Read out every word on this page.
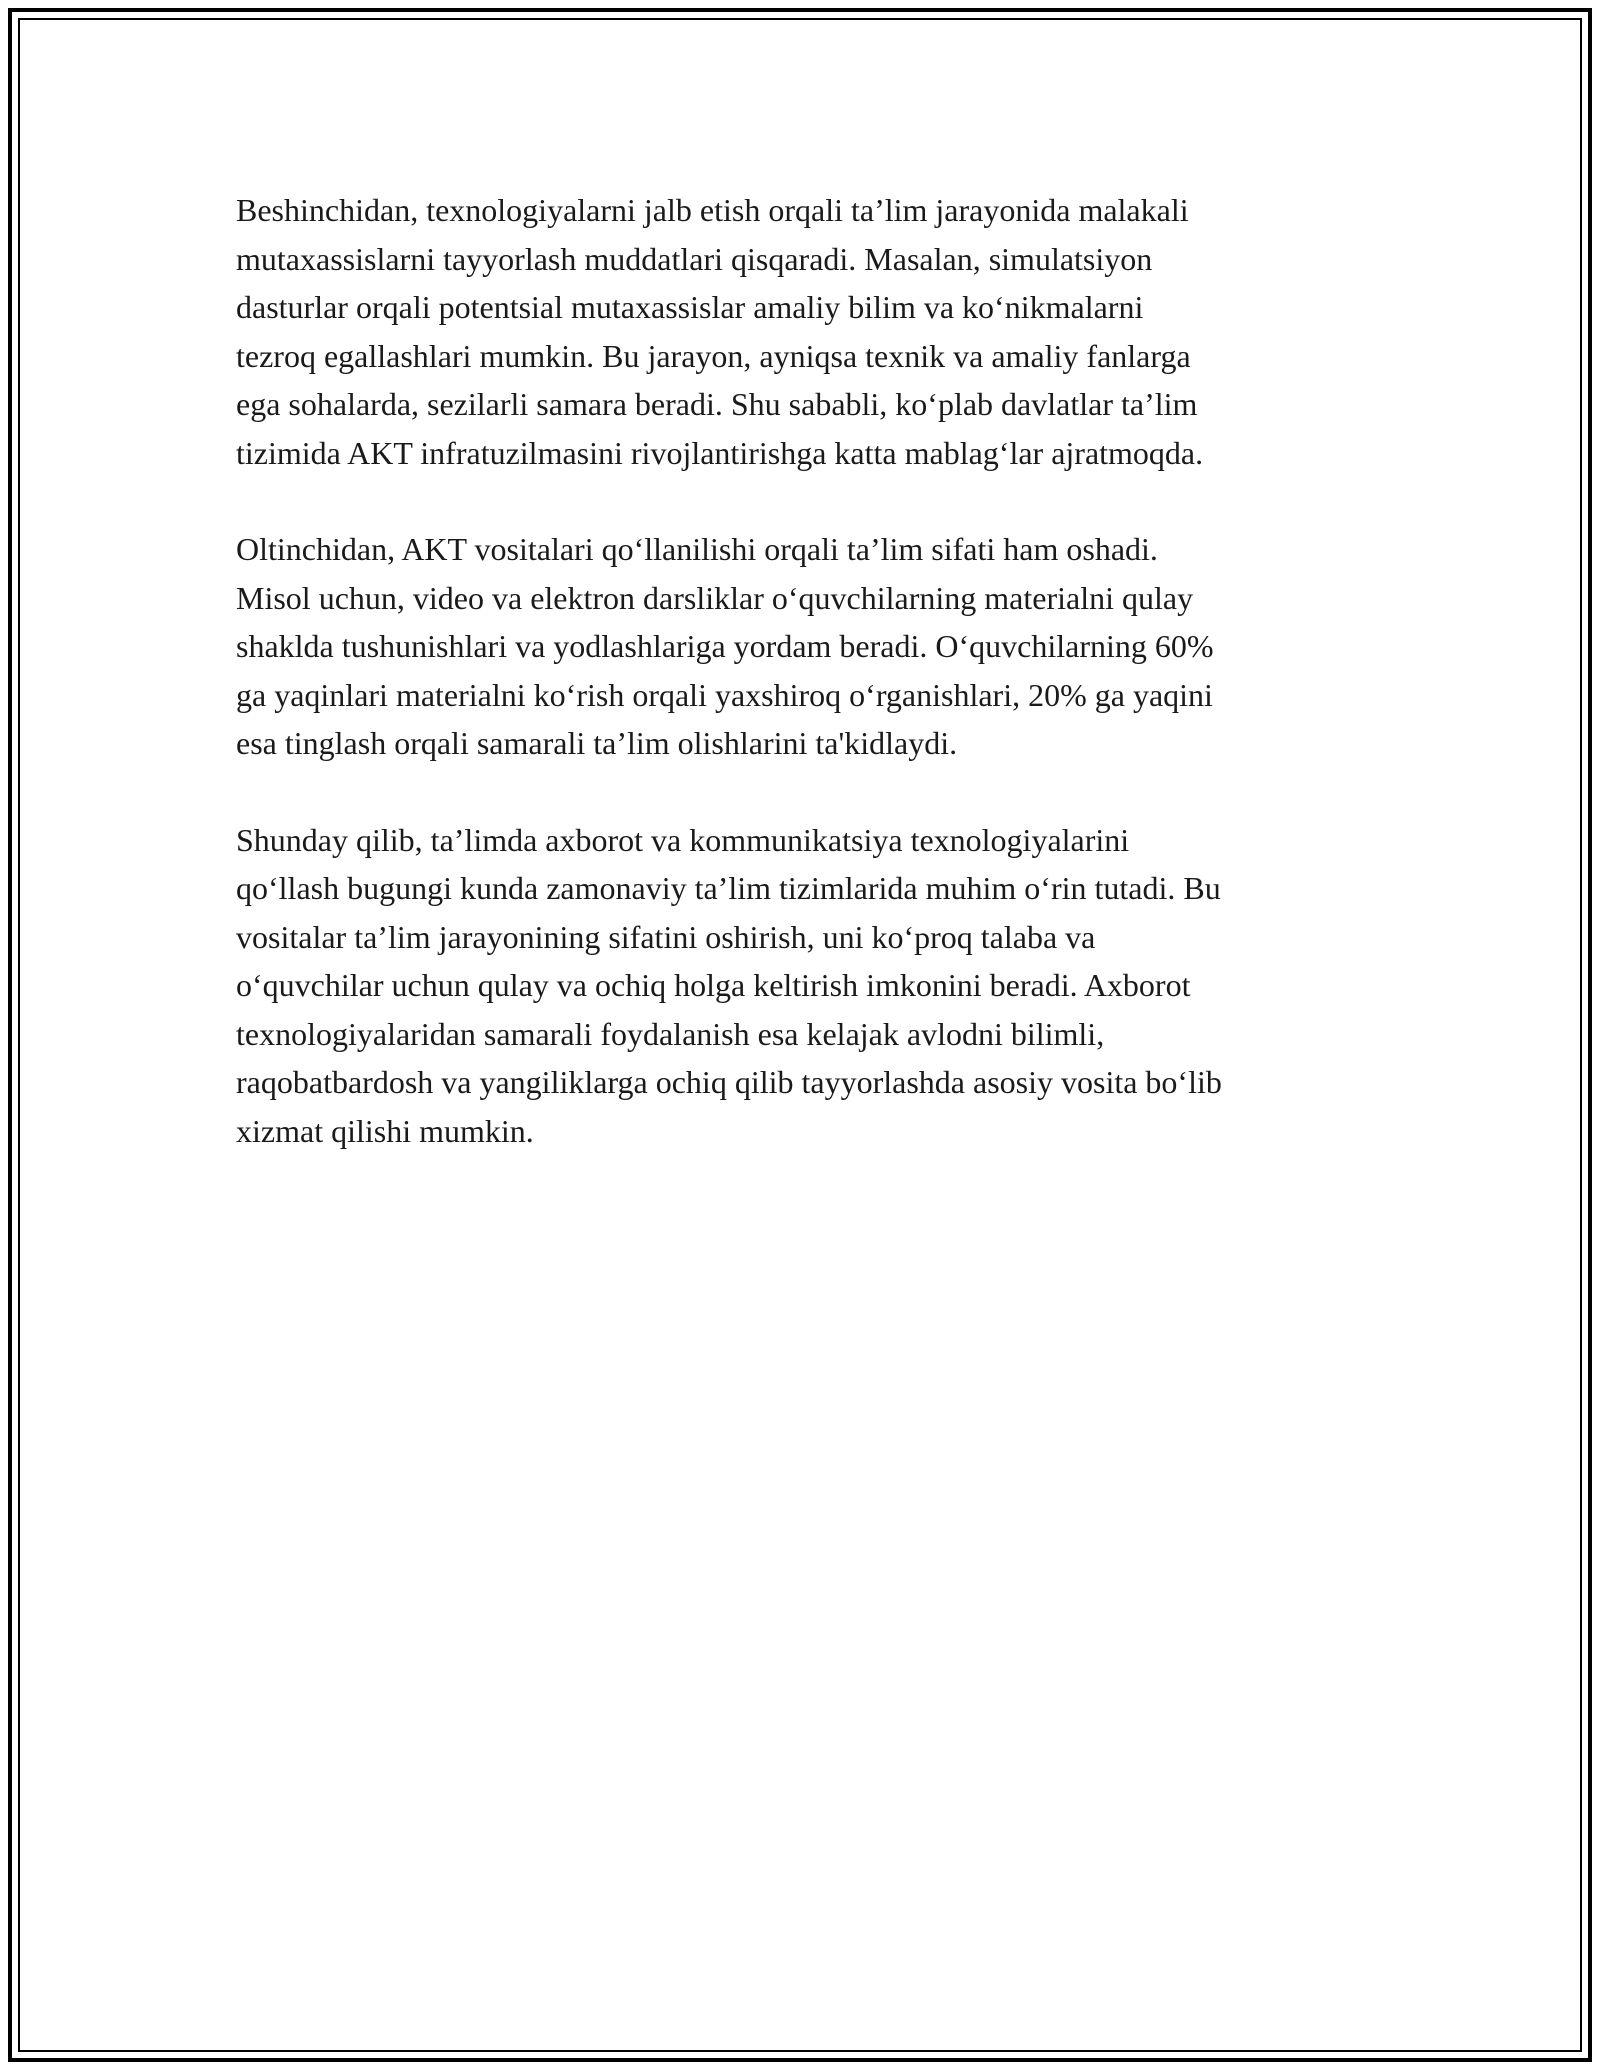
Beshinchidan, texnologiyalarni jalb etish orqali ta’lim jarayonida malakali
mutaxassislarni tayyorlash muddatlari qisqaradi. Masalan, simulatsiyon
dasturlar orqali potentsial mutaxassislar amaliy bilim va ko‘nikmalarni
tezroq egallashlari mumkin. Bu jarayon, ayniqsa texnik va amaliy fanlarga
ega sohalarda, sezilarli samara beradi. Shu sababli, ko‘plab davlatlar ta’lim
tizimida AKT infratuzilmasini rivojlantirishga katta mablag‘lar ajratmoqda.

Oltinchidan, AKT vositalari qo‘llanilishi orqali ta’lim sifati ham oshadi.
Misol uchun, video va elektron darsliklar o‘quvchilarning materialni qulay
shaklda tushunishlari va yodlashlariga yordam beradi. O‘quvchilarning 60%
ga yaqinlari materialni ko‘rish orqali yaxshiroq o‘rganishlari, 20% ga yaqini
esa tinglash orqali samarali ta’lim olishlarini ta'kidlaydi.

Shunday qilib, ta’limda axborot va kommunikatsiya texnologiyalarini
qo‘llash bugungi kunda zamonaviy ta’lim tizimlarida muhim o‘rin tutadi. Bu
vositalar ta’lim jarayonining sifatini oshirish, uni ko‘proq talaba va
o‘quvchilar uchun qulay va ochiq holga keltirish imkonini beradi. Axborot
texnologiyalaridan samarali foydalanish esa kelajak avlodni bilimli,
raqobatbardosh va yangiliklarga ochiq qilib tayyorlashda asosiy vosita bo‘lib
xizmat qilishi mumkin.
